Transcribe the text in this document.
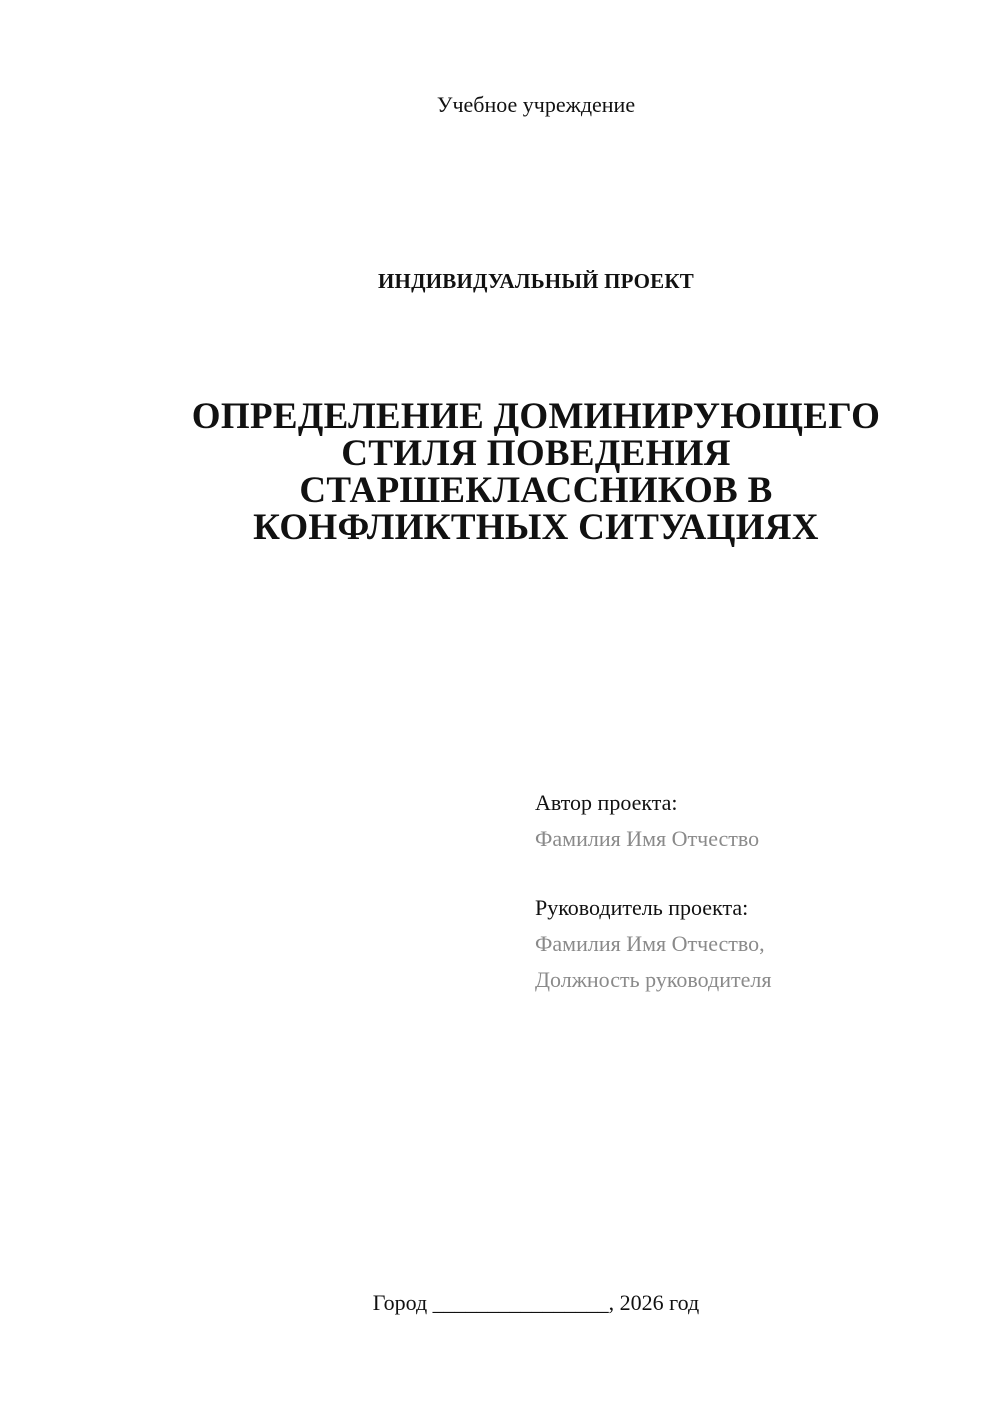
Учебное учреждение
ИНДИВИДУАЛЬНЫЙ ПРОЕКТ
ОПРЕДЕЛЕНИЕ ДОМИНИРУЮЩЕГО
СТИЛЯ ПОВЕДЕНИЯ
СТАРШЕКЛАССНИКОВ В
КОНФЛИКТНЫХ СИТУАЦИЯХ
Автор проекта:
Фамилия Имя Отчество
Руководитель проекта:
Фамилия Имя Отчество,
Должность руководителя
Город ________________, 2026 год
